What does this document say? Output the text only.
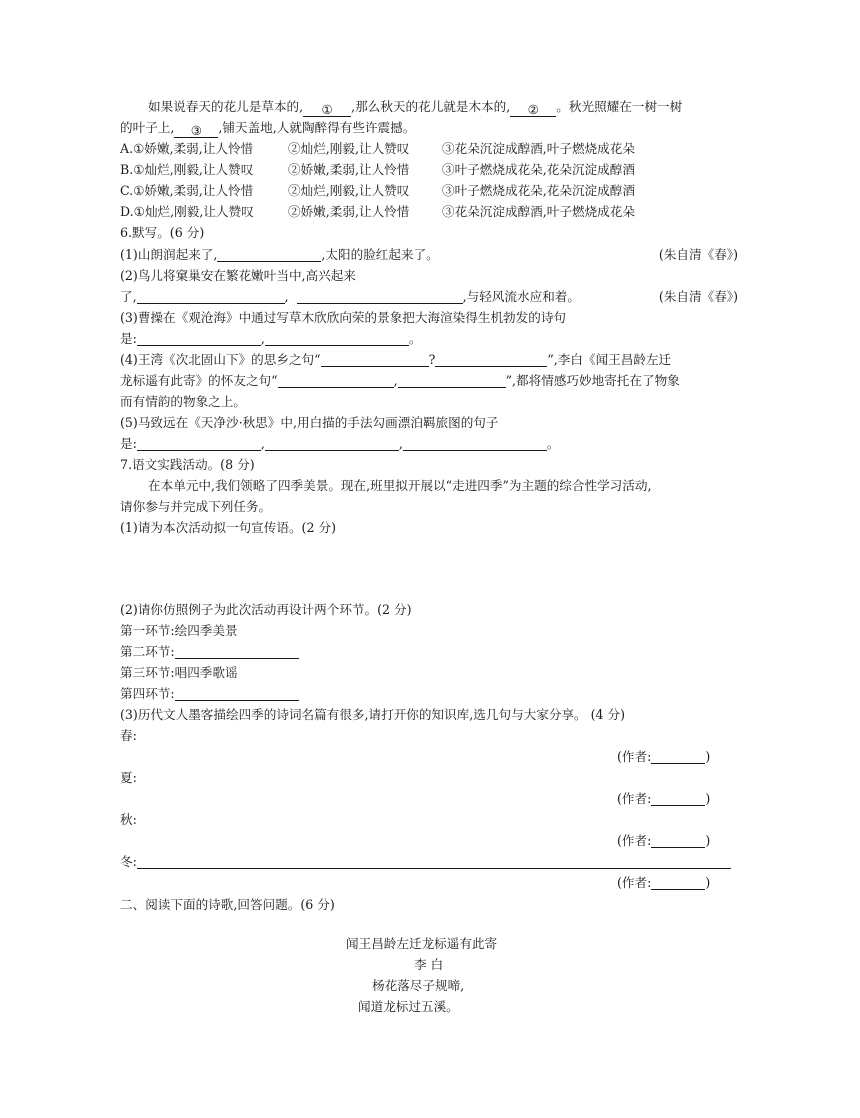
如果说春天的花儿是草本的, ① ,那么秋天的花儿就是木本的, ② 。秋光照耀在一树一树
的叶子上, ③ ,铺天盖地,人就陶醉得有些许震撼。
A.①娇嫩,柔弱,让人怜惜	②灿烂,刚毅,让人赞叹	③花朵沉淀成醇酒,叶子燃烧成花朵
B.①灿烂,刚毅,让人赞叹	②娇嫩,柔弱,让人怜惜	③叶子燃烧成花朵,花朵沉淀成醇酒
C.①娇嫩,柔弱,让人怜惜	②灿烂,刚毅,让人赞叹	③叶子燃烧成花朵,花朵沉淀成醇酒
D.①灿烂,刚毅,让人赞叹	②娇嫩,柔弱,让人怜惜	③花朵沉淀成醇酒,叶子燃烧成花朵
6.默写。(6 分)
(1)山朗润起来了,	,太阳的脸红起来了。	(朱自清《春》)
(2)鸟儿将窠巢安在繁花嫩叶当中,高兴起来
了,	,	,与轻风流水应和着。	(朱自清《春》)
(3)曹操在《观沧海》中通过写草木欣欣向荣的景象把大海渲染得生机勃发的诗句
是:	,	。
(4)王湾《次北固山下》的思乡之句“	?	”,李白《闻王昌龄左迁
龙标遥有此寄》的怀友之句“	,	”,都将情感巧妙地寄托在了物象
而有情韵的物象之上。
(5)马致远在《天净沙·秋思》中,用白描的手法勾画漂泊羁旅图的句子
是:	,	,	。
7.语文实践活动。(8 分)
在本单元中,我们领略了四季美景。现在,班里拟开展以“走进四季”为主题的综合性学习活动,
请你参与并完成下列任务。
(1)请为本次活动拟一句宣传语。(2 分)
(2)请你仿照例子为此次活动再设计两个环节。(2 分)
第一环节:绘四季美景
第二环节:
第三环节:唱四季歌谣
第四环节:
(3)历代文人墨客描绘四季的诗词名篇有很多,请打开你的知识库,选几句与大家分享。 (4 分)
春:
(作者:	)
夏:
(作者:	)
秋:
(作者:	)
冬:
(作者:	)
二、阅读下面的诗歌,回答问题。(6 分)
闻王昌龄左迁龙标遥有此寄
李 白
杨花落尽子规啼,
闻道龙标过五溪。
